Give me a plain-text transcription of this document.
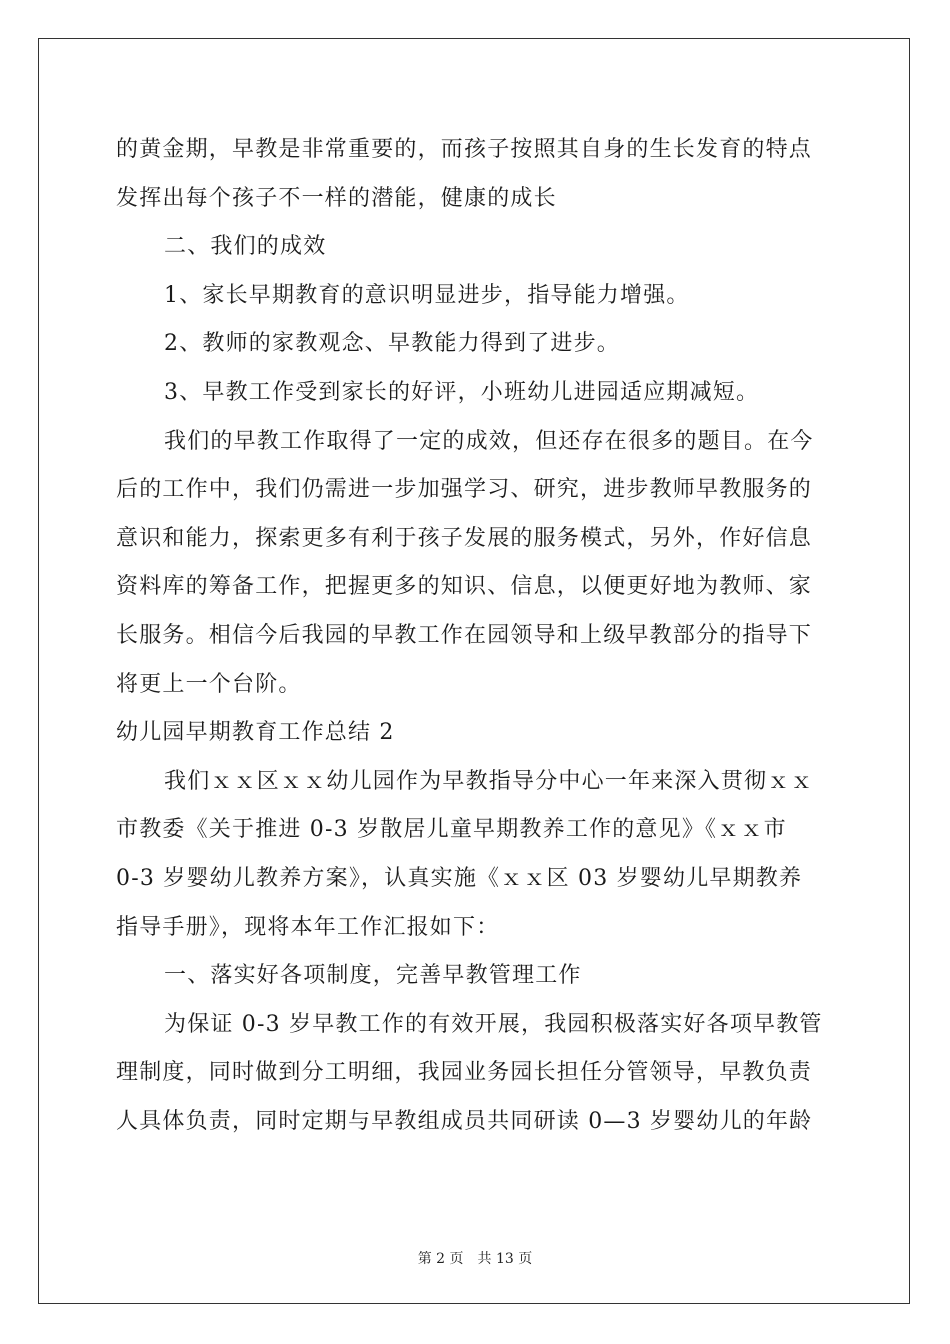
的黄金期，早教是非常重要的，而孩子按照其自身的生长发育的特点
发挥出每个孩子不一样的潜能，健康的成长
二、我们的成效
1、家长早期教育的意识明显进步，指导能力增强。
2、教师的家教观念、早教能力得到了进步。
3、早教工作受到家长的好评，小班幼儿进园适应期减短。
我们的早教工作取得了一定的成效，但还存在很多的题目。在今
后的工作中，我们仍需进一步加强学习、研究，进步教师早教服务的
意识和能力，探索更多有利于孩子发展的服务模式，另外，作好信息
资料库的筹备工作，把握更多的知识、信息，以便更好地为教师、家
长服务。相信今后我园的早教工作在园领导和上级早教部分的指导下
将更上一个台阶。
幼儿园早期教育工作总结 2
我们ｘｘ区ｘｘ幼儿园作为早教指导分中心一年来深入贯彻ｘｘ
市教委《关于推进 0-3 岁散居儿童早期教养工作的意见》《ｘｘ市
0-3 岁婴幼儿教养方案》，认真实施《ｘｘ区 03 岁婴幼儿早期教养
指导手册》，现将本年工作汇报如下：
一、落实好各项制度，完善早教管理工作
为保证 0-3 岁早教工作的有效开展，我园积极落实好各项早教管
理制度，同时做到分工明细，我园业务园长担任分管领导，早教负责
人具体负责，同时定期与早教组成员共同研读 0—3 岁婴幼儿的年龄
第 2 页　共 13 页
